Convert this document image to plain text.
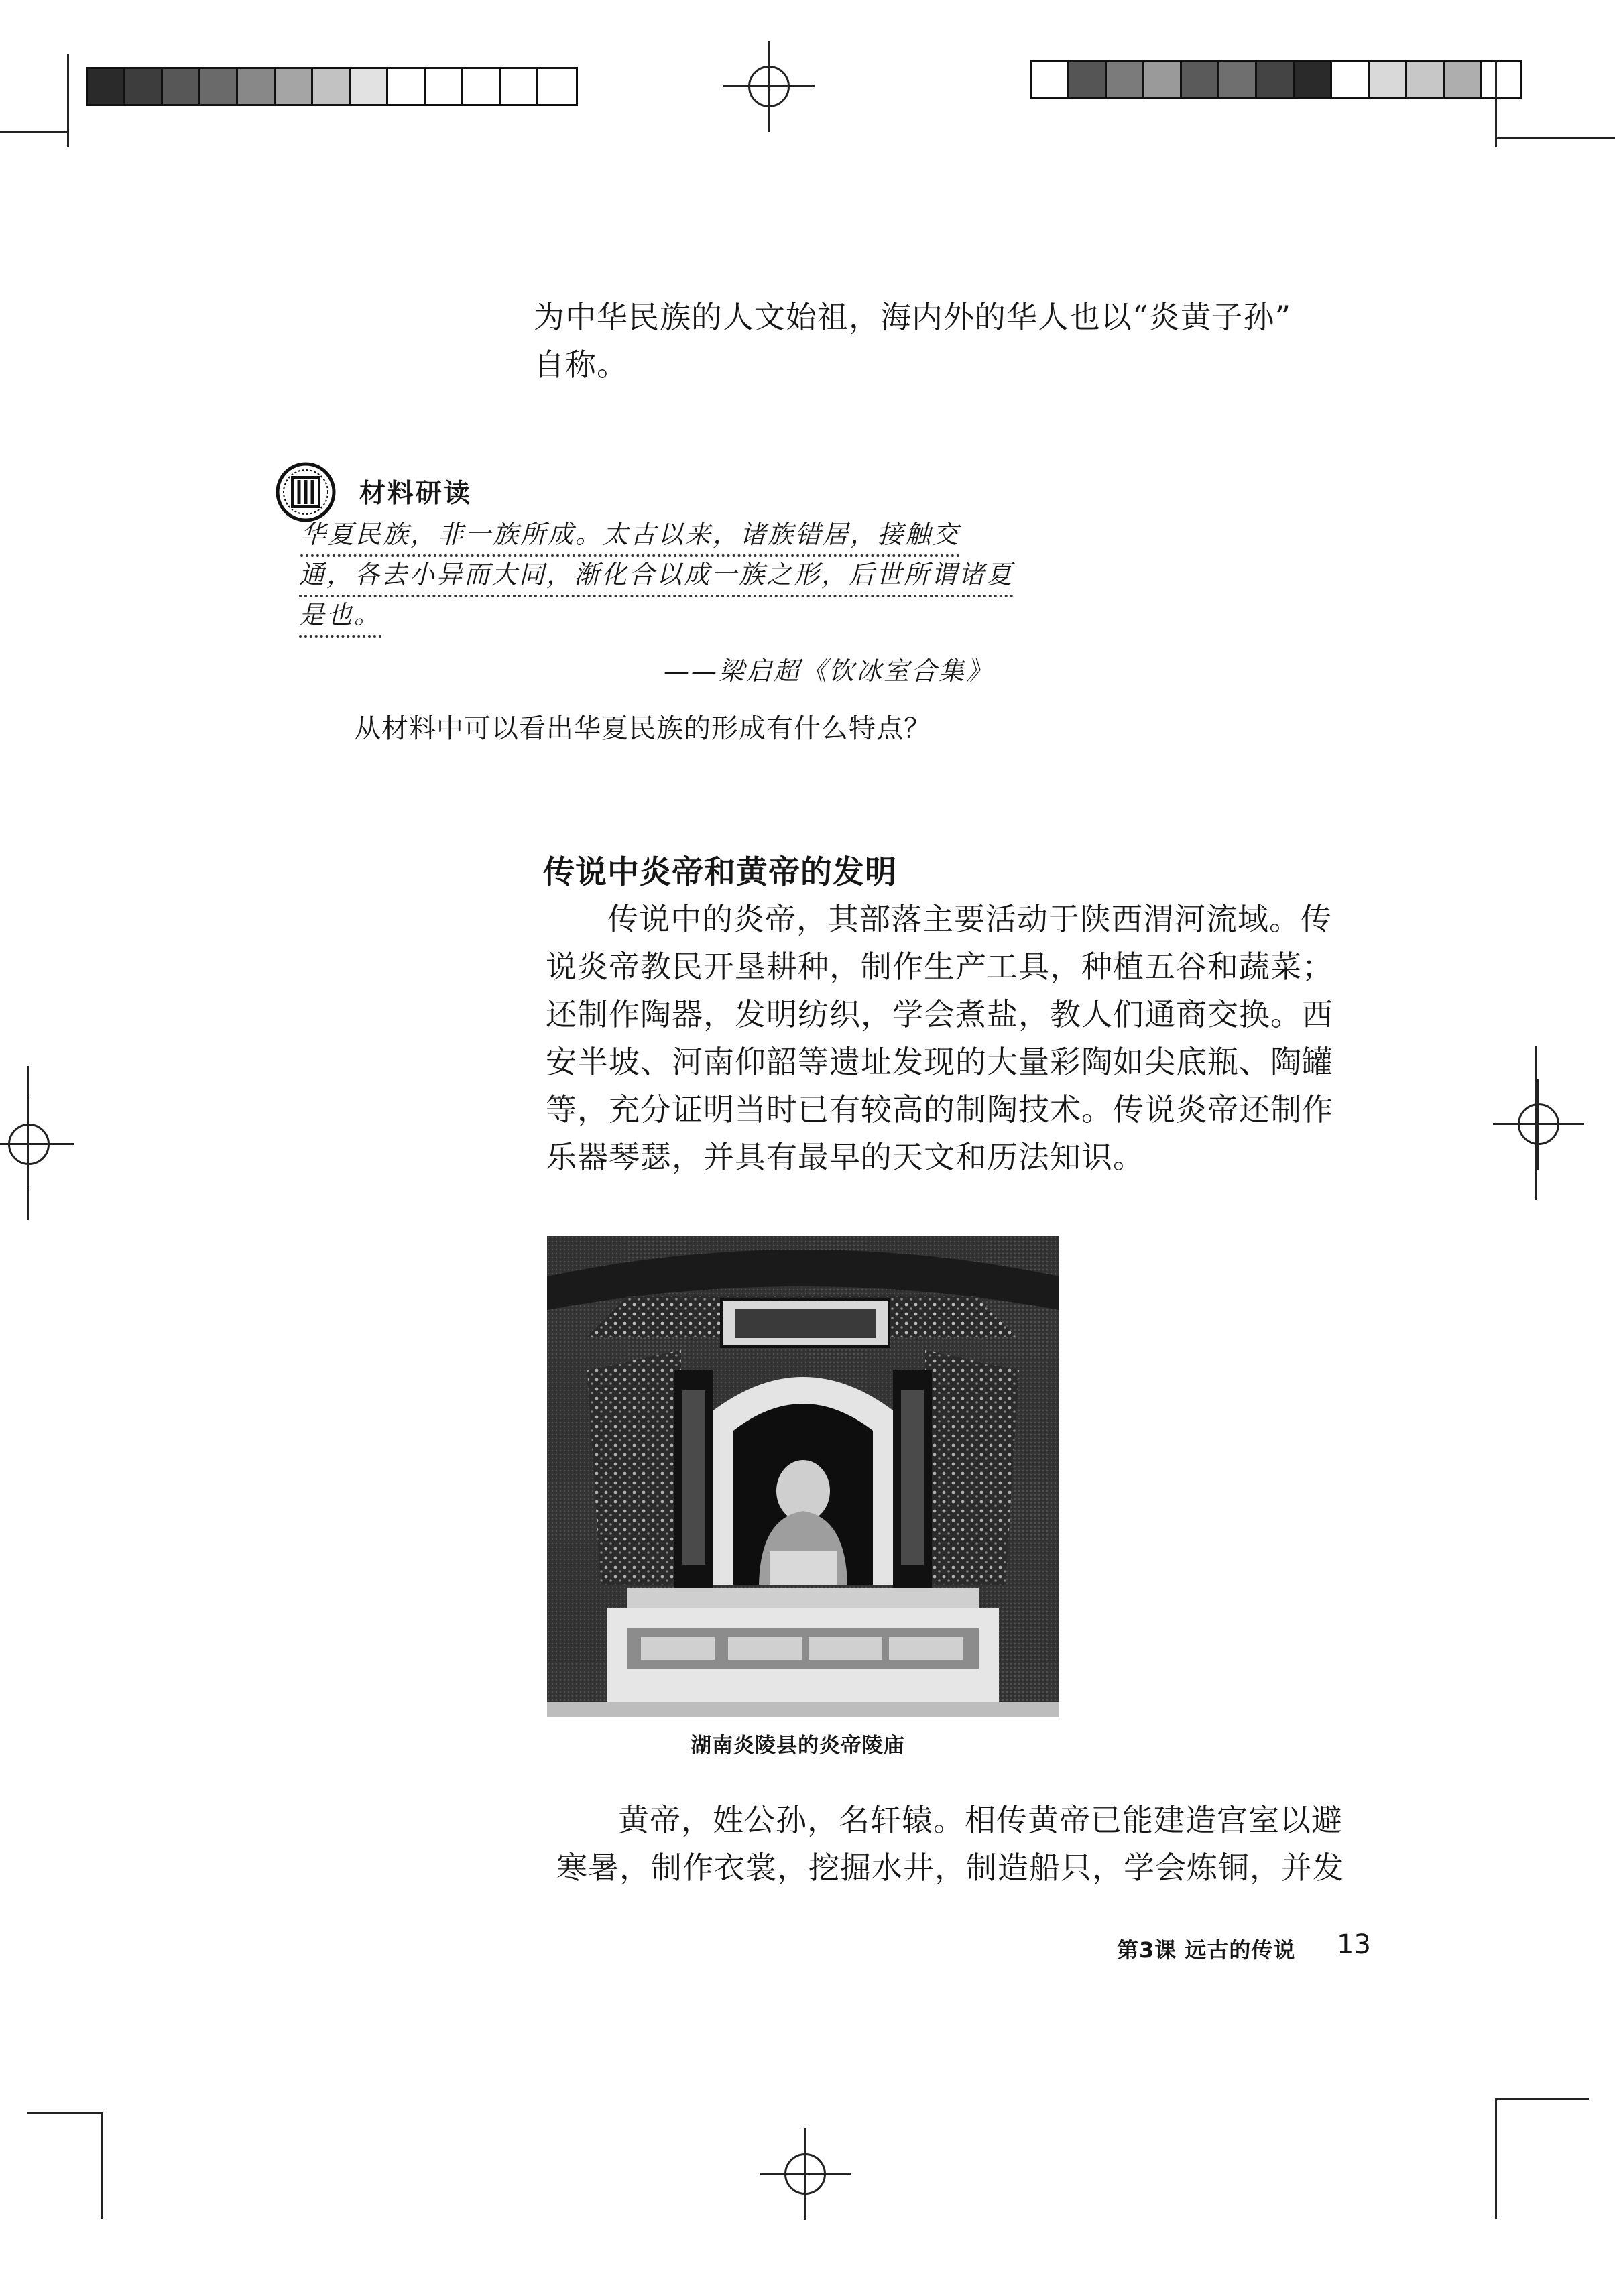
为中华民族的人文始祖，海内外的华人也以“炎黄子孙”
自称。
材料研读
华夏民族，非一族所成。太古以来，诸族错居，接触交
通，各去小异而大同，渐化合以成一族之形，后世所谓诸夏
是也。
——梁启超《饮冰室合集》
从材料中可以看出华夏民族的形成有什么特点？
传说中炎帝和黄帝的发明
传说中的炎帝，其部落主要活动于陕西渭河流域。传
说炎帝教民开垦耕种，制作生产工具，种植五谷和蔬菜；
还制作陶器，发明纺织，学会煮盐，教人们通商交换。西
安半坡、河南仰韶等遗址发现的大量彩陶如尖底瓶、陶罐
等，充分证明当时已有较高的制陶技术。传说炎帝还制作
乐器琴瑟，并具有最早的天文和历法知识。
湖南炎陵县的炎帝陵庙
黄帝，姓公孙，名轩辕。相传黄帝已能建造宫室以避
寒暑，制作衣裳，挖掘水井，制造船只，学会炼铜，并发
第3课 远古的传说 13
